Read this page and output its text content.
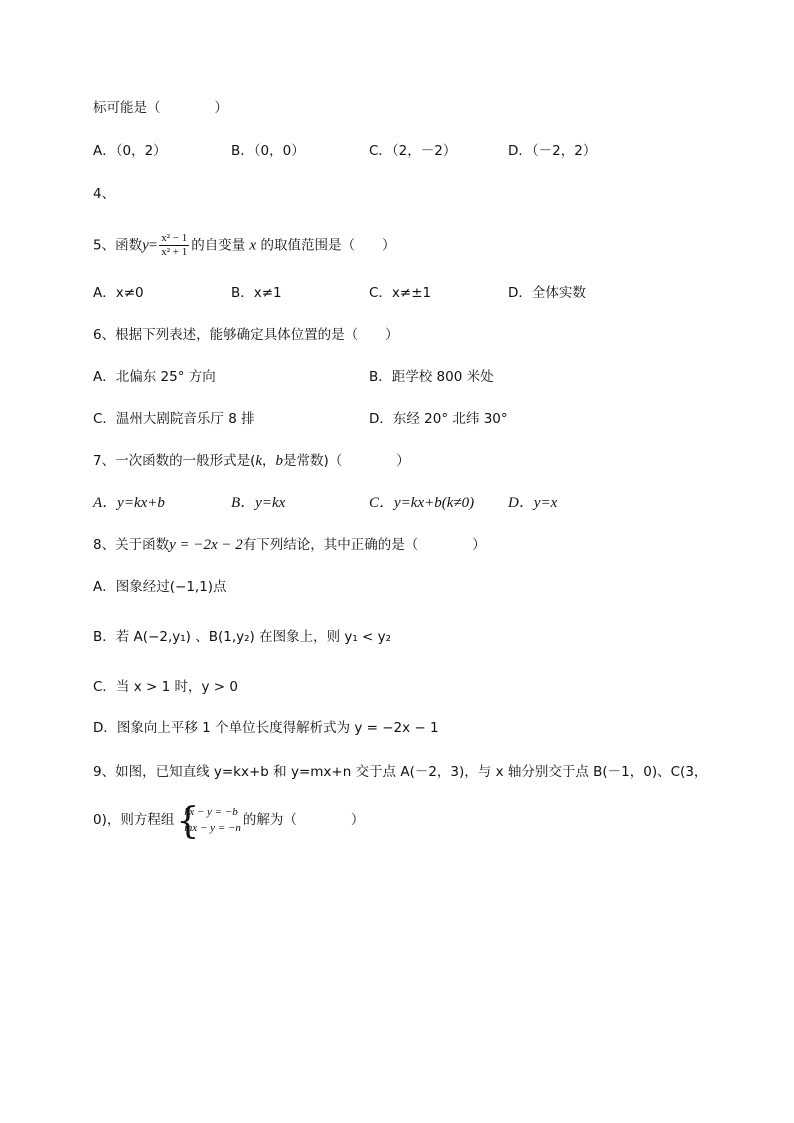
标可能是（　　　　）
A．（0，2）	B．（0，0）	C．（2，－2）	D．（－2，2）
4、
5、函数$y= \frac{\text{x² − 1}}{\text{x² + 1}}$ 的自变量 x 的取值范围是（　　）
A．x≠0	B．x≠1	C．x≠±1	D．全体实数
6、根据下列表述，能够确定具体位置的是（　　）
A．北偏东 25° 方向	B．距学校 800 米处
C．温州大剧院音乐厅 8 排	D．东经 20° 北纬 30°
7、一次函数的一般形式是(k，b是常数)（　　　　）
A．y=kx+b	B．y=kx	C．y=kx+b(k≠0) D．y=x
8、关于函数y = −2x − 2有下列结论，其中正确的是（　　　　）
A．图象经过(−1,1)点
B．若 A(−2,y₁) 、B(1,y₂) 在图象上，则 y₁ < y₂
C．当 x > 1 时，y > 0
D．图象向上平移 1 个单位长度得解析式为 y = −2x − 1
9、如图，已知直线 y=kx+b 和 y=mx+n 交于点 A(－2，3)，与 x 轴分别交于点 B(－1，0)、C(3，
0)，则方程组 {
kx − y = −b
mx − y = −n 的解为（　　　　）
